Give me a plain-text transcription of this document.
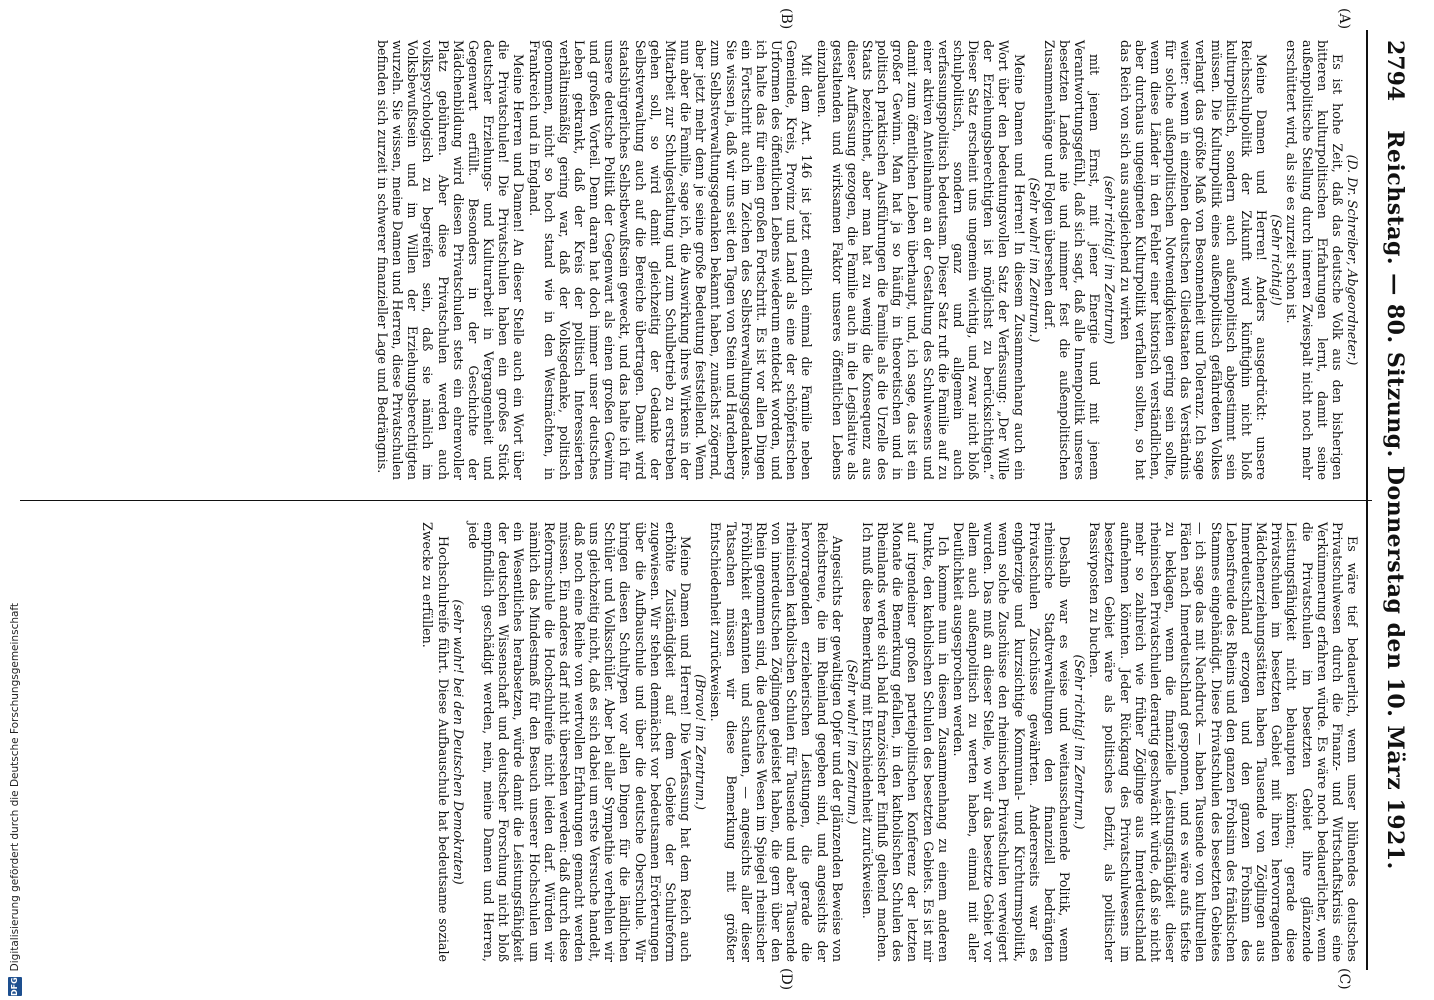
2794
Reichstag. — 80. Sitzung. Donnerstag den 10. März 1921.
(A)
(B)
(C)
(D)

(D. Dr. Schreiber, Abgeordneter.)

Es ist hohe Zeit, daß das deutsche Volk aus den bisherigen bitteren kulturpolitischen Erfahrungen lernt, damit seine außenpolitische Stellung durch inneren Zwiespalt nicht noch mehr erschüttert wird, als sie es zurzeit schon ist.

(Sehr richtig!)

Meine Damen und Herren! Anders ausgedrückt: unsere Reichsschulpolitik der Zukunft wird künftighin nicht bloß kulturpolitisch, sondern auch außenpolitisch abgestimmt sein müssen. Die Kulturpolitik eines außenpolitisch gefährdeten Volkes verlangt das größte Maß von Besonnenheit und Toleranz. Ich sage weiter: wenn in einzelnen deutschen Gliedstaaten das Verständnis für solche außenpolitischen Notwendigkeiten gering sein sollte, wenn diese Länder in den Fehler einer historisch verständlichen, aber durchaus ungeeigneten Kulturpolitik verfallen sollten, so hat das Reich von sich aus ausgleichend zu wirken

(sehr richtig! im Zentrum)

mit jenem Ernst, mit jener Energie und mit jenem Verantwortungsgefühl, daß sich sagt, daß alle Innenpolitik unseres besetzten Landes nie und nimmer fest die außenpolitischen Zusammenhänge und Folgen übersehen darf.

(Sehr wahr! im Zentrum.)

Meine Damen und Herren! In diesem Zusammenhang auch ein Wort über den bedeutungsvollen Satz der Verfassung: „Der Wille der Erziehungsberechtigten ist möglichst zu berücksichtigen.“ Dieser Satz erscheint uns ungemein wichtig, und zwar nicht bloß schulpolitisch, sondern ganz und allgemein auch verfassungspolitisch bedeutsam. Dieser Satz ruft die Familie auf zu einer aktiven Anteilnahme an der Gestaltung des Schulwesens und damit zum öffentlichen Leben überhaupt, und, ich sage, das ist ein großer Gewinn. Man hat ja so häufig in theoretischen und in politisch praktischen Ausführungen die Familie als die Urzelle des Staats bezeichnet, aber man hat zu wenig die Konsequenz aus dieser Auffassung gezogen, die Familie auch in die Legislative als gestaltenden und wirksamen Faktor unseres öffentlichen Lebens einzubauen.

Mit dem Art. 146 ist jetzt endlich einmal die Familie neben Gemeinde, Kreis, Provinz und Land als eine der schöpferischen Urformen des öffentlichen Lebens wiederum entdeckt worden, und ich halte das für einen großen Fortschritt. Es ist vor allen Dingen ein Fortschritt auch im Zeichen des Selbstverwaltungsgedankens. Sie wissen ja, daß wir uns seit den Tagen von Stein und Hardenberg zum Selbstverwaltungsgedanken bekannt haben, zunächst zögernd, aber jetzt mehr denn je seine große Bedeutung feststellend. Wenn nun aber die Familie, sage ich, die Auswirkung ihres Wirkens in der Mitarbeit zur Schulgestaltung und zum Schulbetrieb zu erstreben gehen soll, so wird damit gleichzeitig der Gedanke der Selbstverwaltung auch auf die Bereiche übertragen. Damit wird staatsbürgerliches Selbstbewußtsein geweckt, und das halte ich für unsere deutsche Politik der Gegenwart als einen großen Gewinn und großen Vorteil. Denn daran hat doch immer unser deutsches Leben gekrankt, daß der Kreis der politisch Interessierten verhältnismäßig gering war, daß der Volksgedanke, politisch genommen, nicht so hoch stand wie in den Westmächten, in Frankreich und in England.

Meine Herren und Damen! An dieser Stelle auch ein Wort über die Privatschulen! Die Privatschulen haben ein großes Stück deutscher Erziehungs- und Kulturarbeit in Vergangenheit und Gegenwart erfüllt. Besonders in der Geschichte der Mädchenbildung wird diesen Privatschulen stets ein ehrenvoller Platz gebühren. Aber diese Privatschulen werden auch volkspsychologisch zu begreifen sein, daß sie nämlich im Volksbewußtsein und im Willen der Erziehungsberechtigten wurzeln. Sie wissen, meine Damen und Herren, diese Privatschulen befinden sich zurzeit in schwerer finanzieller Lage und Bedrängnis.

Es wäre tief bedauerlich, wenn unser blühendes deutsches Privatschulwesen durch die Finanz- und Wirtschaftskrisis eine Verkümmerung erfahren würde. Es wäre noch bedauerlicher, wenn die Privatschulen im besetzten Gebiet ihre glänzende Leistungsfähigkeit nicht behaupten könnten; gerade diese Privatschulen im besetzten Gebiet mit ihren hervorragenden Mädchenerziehungsstätten haben Tausende von Zöglingen aus Innerdeutschland erzogen und den ganzen Frohsinn des Lebensfreude des Rheins und den ganzen Frohsinn des fränkischen Stammes eingehändigt. Diese Privatschulen des besetzten Gebietes — ich sage das mit Nachdruck — haben Tausende von kulturellen Fäden nach Innerdeutschland gesponnen, und es wäre aufs tiefste zu beklagen, wenn die finanzielle Leistungsfähigkeit dieser rheinischen Privatschulen derartig geschwächt würde, daß sie nicht mehr so zahlreich wie früher Zöglinge aus Innerdeutschland aufnehmen könnten. Jeder Rückgang des Privatschulwesens im besetzten Gebiet wäre als politisches Defizit, als politischer Passivposten zu buchen.

(Sehr richtig! im Zentrum.)

Deshalb war es weise und weitausschauende Politik, wenn rheinische Stadtverwaltungen den finanziell bedrängten Privatschulen Zuschüsse gewährten. Andererseits war es engherzige und kurzsichtige Kommunal- und Kirchturmspolitik, wenn solche Zuschüsse den rheinischen Privatschulen verweigert wurden. Das muß an dieser Stelle, wo wir das besetzte Gebiet vor allem auch außenpolitisch zu werten haben, einmal mit aller Deutlichkeit ausgesprochen werden.

Ich komme nun in diesem Zusammenhang zu einem anderen Punkte, den katholischen Schulen des besetzten Gebiets. Es ist mir auf irgendeiner großen parteipolitischen Konferenz der letzten Monate die Bemerkung gefallen, in den katholischen Schulen des Rheinlands werde sich bald französischer Einfluß geltend machen. Ich muß diese Bemerkung mit Entschiedenheit zurückweisen.

(Sehr wahr! im Zentrum.)

Angesichts der gewaltigen Opfer und der glänzenden Beweise von Reichstreue, die im Rheinland gegeben sind, und angesichts der hervorragenden erzieherischen Leistungen, die gerade die rheinischen katholischen Schulen für Tausende und aber Tausende von innerdeutschen Zöglingen geleistet haben, die gern über den Rhein genommen sind, die deutsches Wesen im Spiegel rheinischer Fröhlichkeit erkannten und schauten, — angesichts aller dieser Tatsachen müssen wir diese Bemerkung mit größter Entschiedenheit zurückweisen.

(Bravo! im Zentrum.)

Meine Damen und Herren! Die Verfassung hat dem Reich auch erhöhte Zuständigkeit auf dem Gebiete der Schulreform zugewiesen. Wir stehen demnächst vor bedeutsamen Erörterungen über die Aufbauschule und über die deutsche Oberschule. Wir bringen diesen Schultypen vor allen Dingen für die ländlichen Schüler und Volksschüler. Aber bei aller Sympathie verhehlen wir uns gleichzeitig nicht, daß es sich dabei um erste Versuche handelt, daß noch eine Reihe von wertvollen Erfahrungen gemacht werden müssen. Ein anderes darf nicht übersehen werden: daß durch diese Reformschule die Hochschulreife nicht leiden darf. Würden wir nämlich das Mindestmaß für den Besuch unserer Hochschulen um ein Wesentliches herabsetzen, würde damit die Leistungsfähigkeit der deutschen Wissenschaft und deutscher Forschung nicht bloß empfindlich geschädigt werden, nein, meine Damen und Herren, jede

(sehr wahr! bei den Deutschen Demokraten)

Hochschulreife führt. Diese Aufbauschule hat bedeutsame soziale Zwecke zu erfüllen.

DFG
Digitalisierung gefördert durch die Deutsche Forschungsgemeinschaft
